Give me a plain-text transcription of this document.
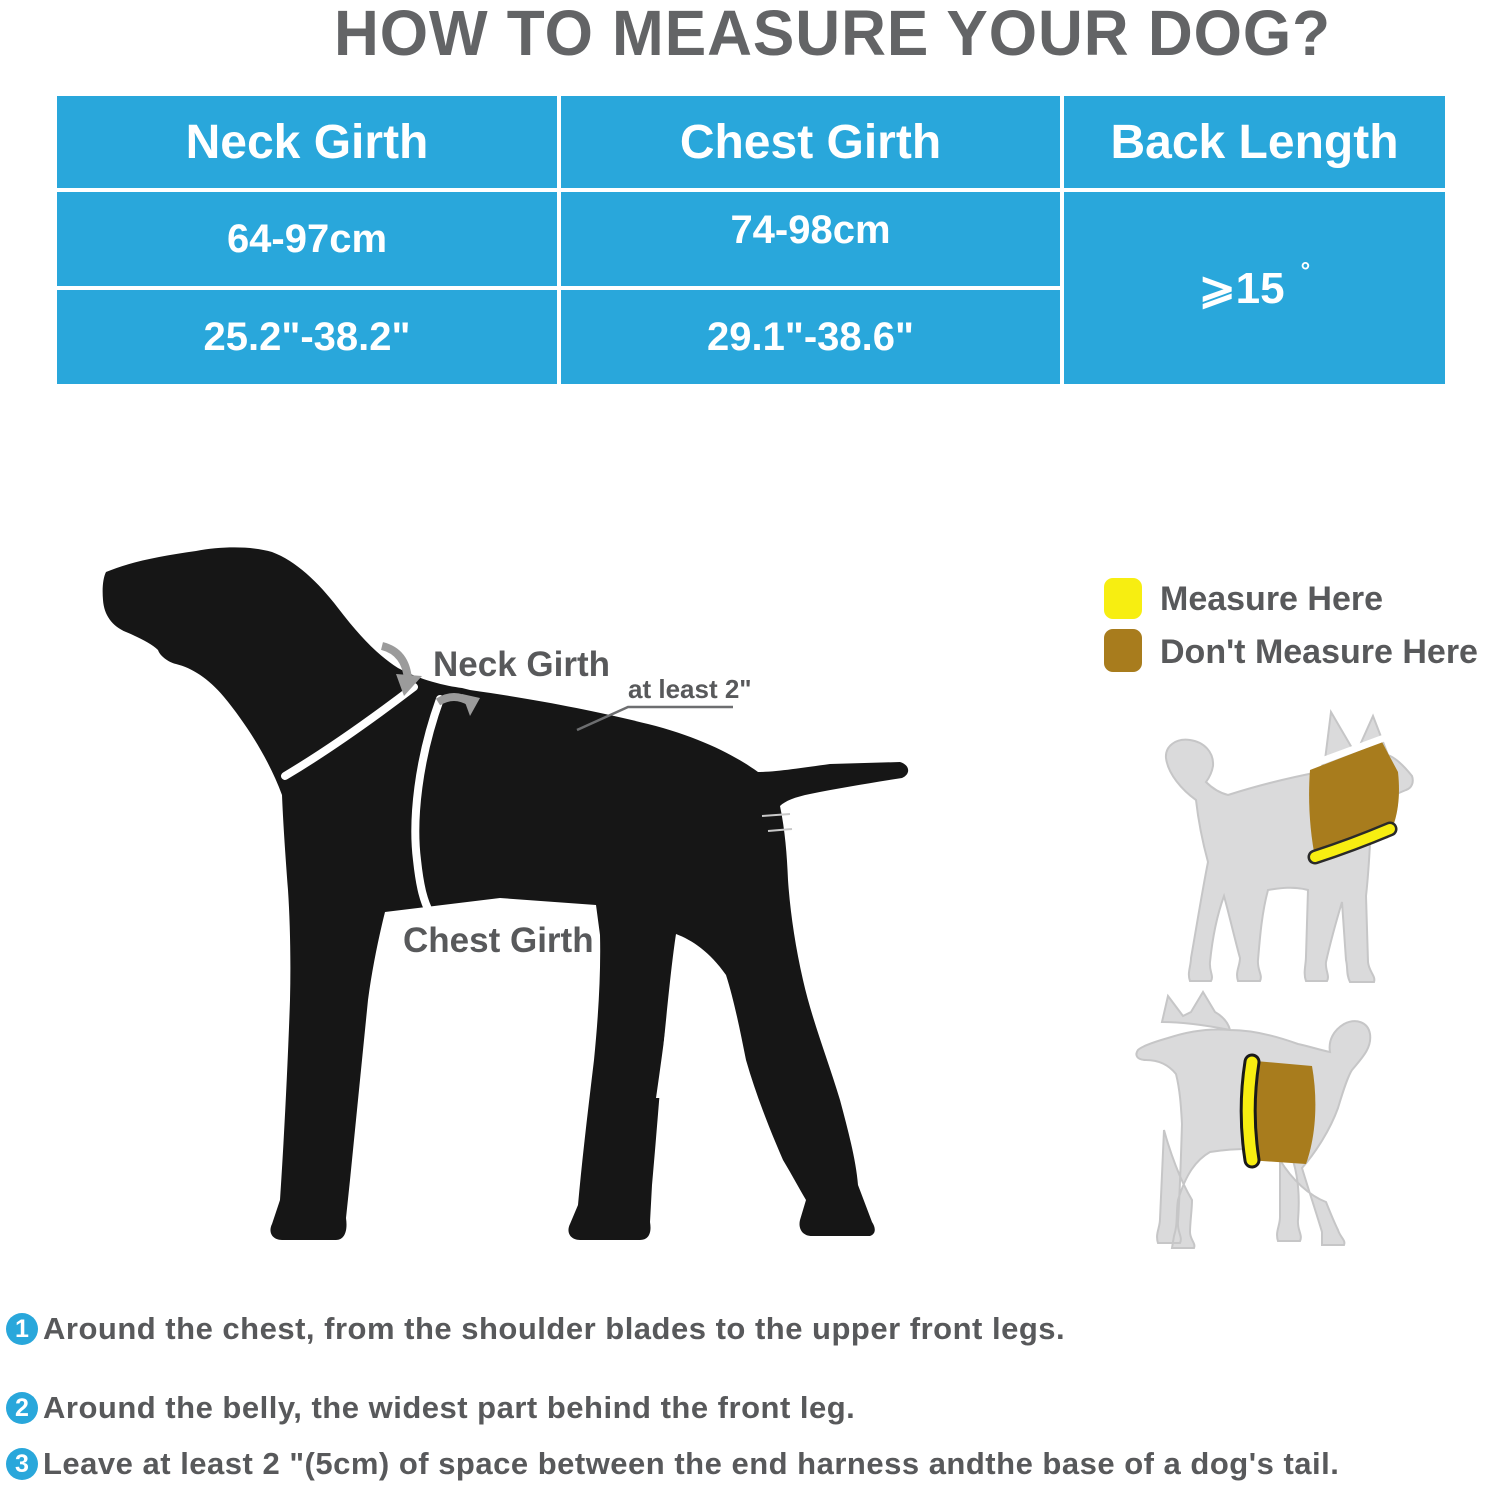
HOW TO MEASURE YOUR DOG?
Neck Girth	Chest Girth	Back Length
64-97cm	74-98cm
⩾15 °
25.2"-38.2"	29.1"-38.6"
Neck Girth
at least 2"
Chest Girth
Measure Here
Don't Measure Here
1 Around the chest, from the shoulder blades to the upper front legs.
2 Around the belly, the widest part behind the front leg.
3 Leave at least 2 "(5cm) of space between the end harness andthe base of a dog's tail.
